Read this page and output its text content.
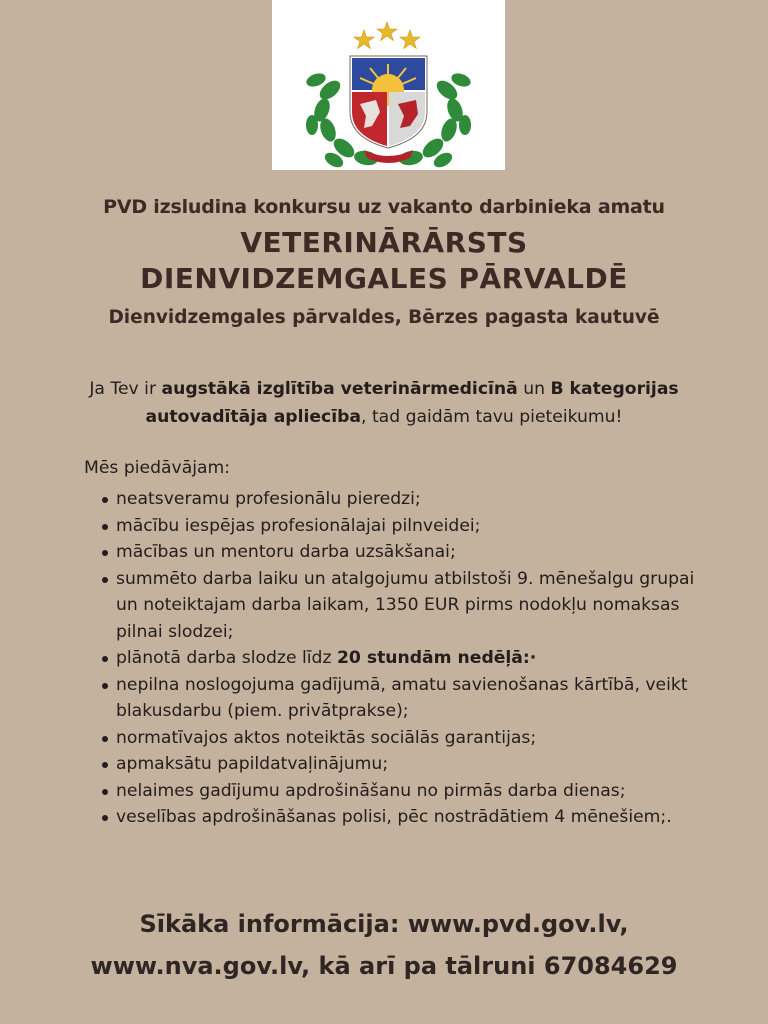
PVD izsludina konkursu uz vakanto darbinieka amatu
VETERINĀRĀRSTS
DIENVIDZEMGALES PĀRVALDĒ
Dienvidzemgales pārvaldes, Bērzes pagasta kautuvē
Ja Tev ir augstākā izglītība veterinārmedicīnā un B kategorijas autovadītāja apliecība, tad gaidām tavu pieteikumu!
Mēs piedāvājam:
neatsveramu profesionālu pieredzi;
mācību iespējas profesionālajai pilnveidei;
mācības un mentoru darba uzsākšanai;
summēto darba laiku un atalgojumu atbilstoši 9. mēnešalgu grupai un noteiktajam darba laikam, 1350 EUR pirms nodokļu nomaksas pilnai slodzei;
plānotā darba slodze līdz 20 stundām nedēļā:·
nepilna noslogojuma gadījumā, amatu savienošanas kārtībā, veikt blakusdarbu (piem. privātprakse);
normatīvajos aktos noteiktās sociālās garantijas;
apmaksātu papildatvaļinājumu;
nelaimes gadījumu apdrošināšanu no pirmās darba dienas;
veselības apdrošināšanas polisi, pēc nostrādātiem 4 mēnešiem;.
Sīkāka informācija: www.pvd.gov.lv,
www.nva.gov.lv, kā arī pa tālruni 67084629
